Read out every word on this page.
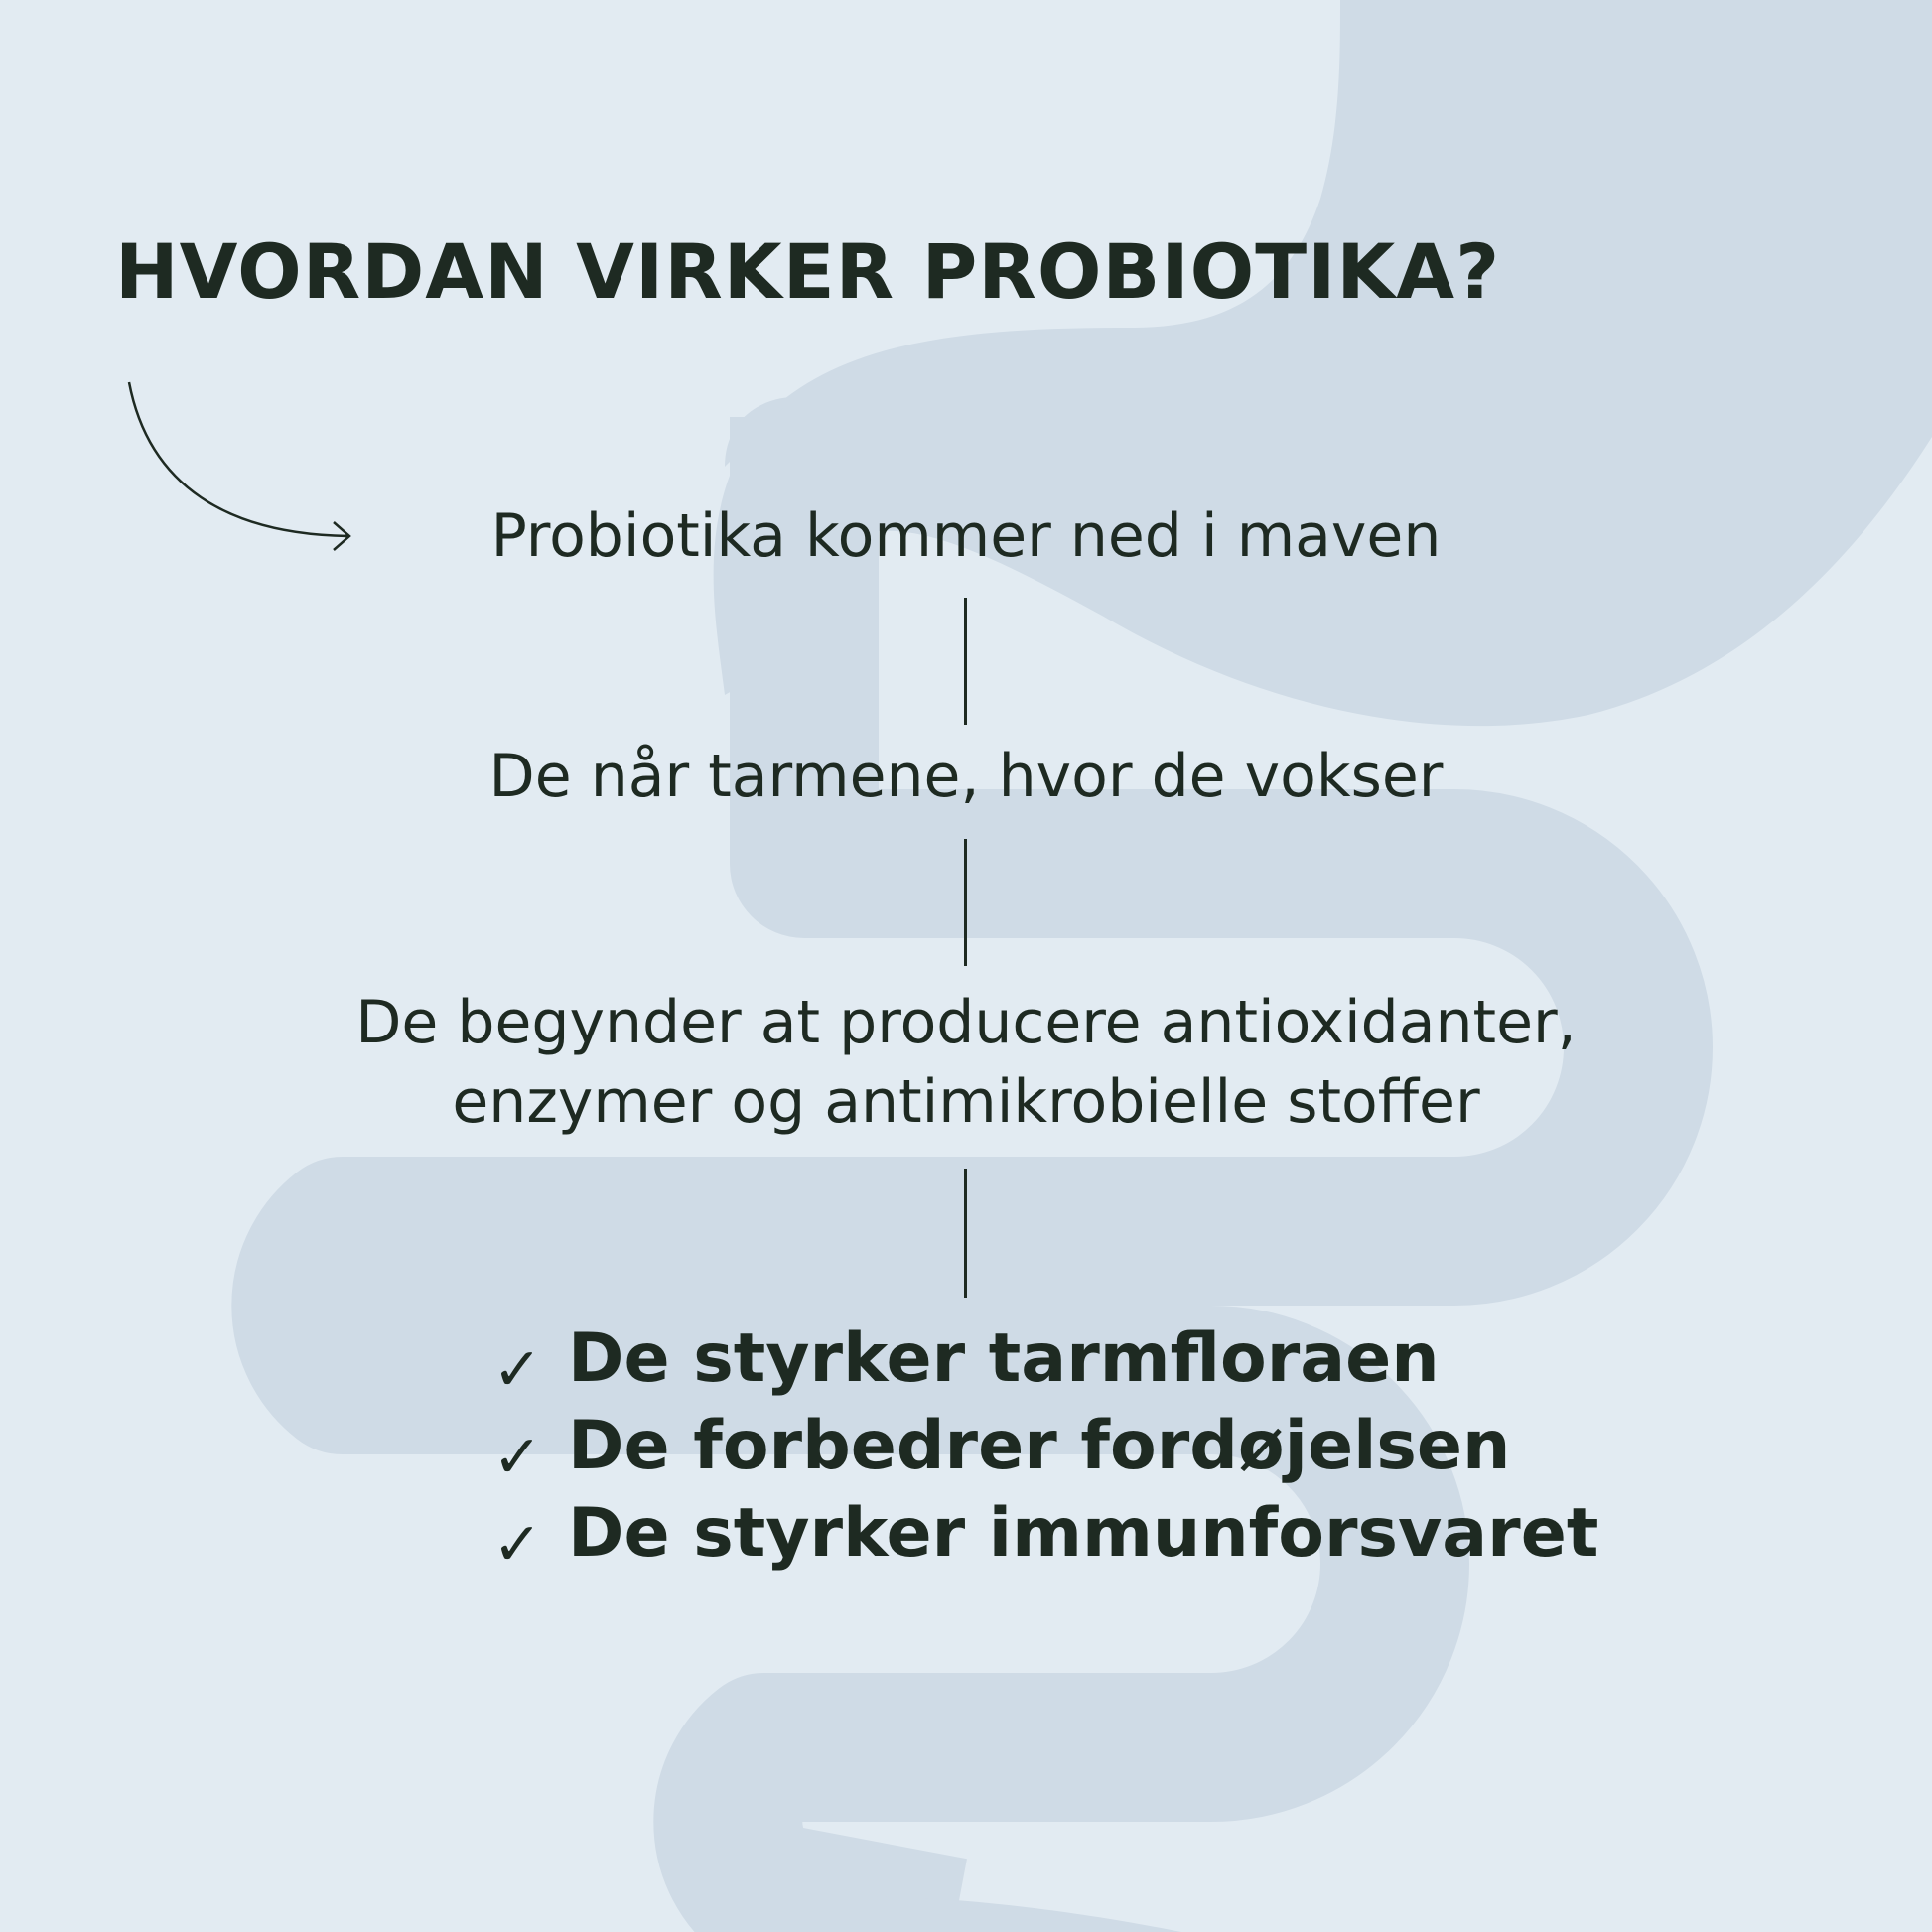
HVORDAN VIRKER PROBIOTIKA?

Probiotika kommer ned i maven

De når tarmene, hvor de vokser

De begynder at producere antioxidanter,
enzymer og antimikrobielle stoffer

✓ De styrker tarmfloraen
✓ De forbedrer fordøjelsen
✓ De styrker immunforsvaret
